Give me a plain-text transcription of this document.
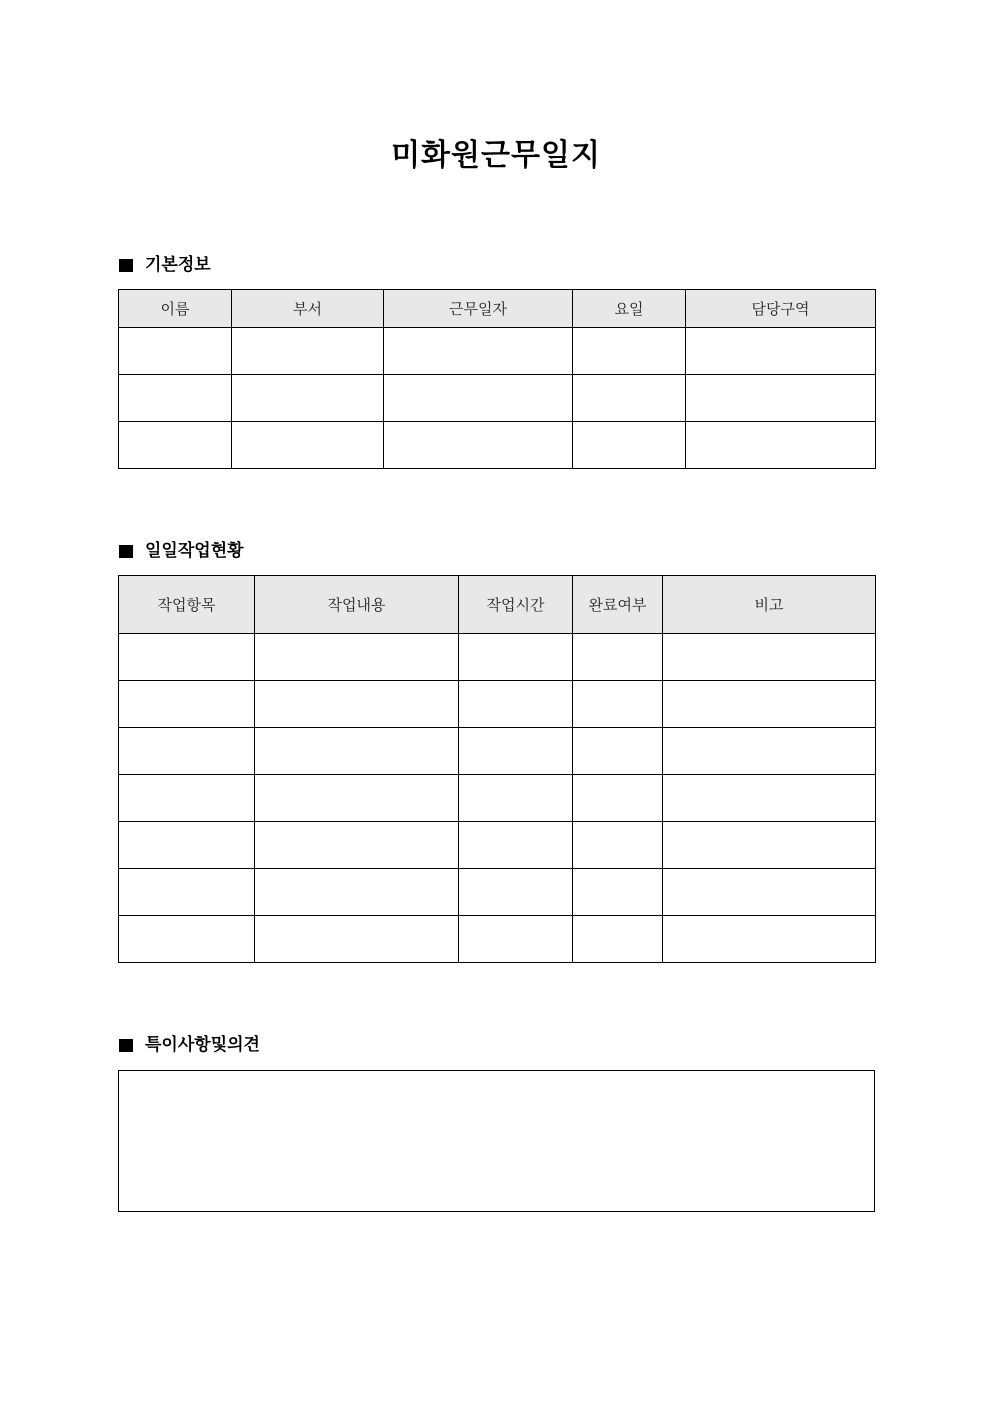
미화원근무일지
기본정보
이름	부서	근무일자	요일	담당구역

일일작업현황
작업항목	작업내용	작업시간	완료여부	비고

특이사항및의견
